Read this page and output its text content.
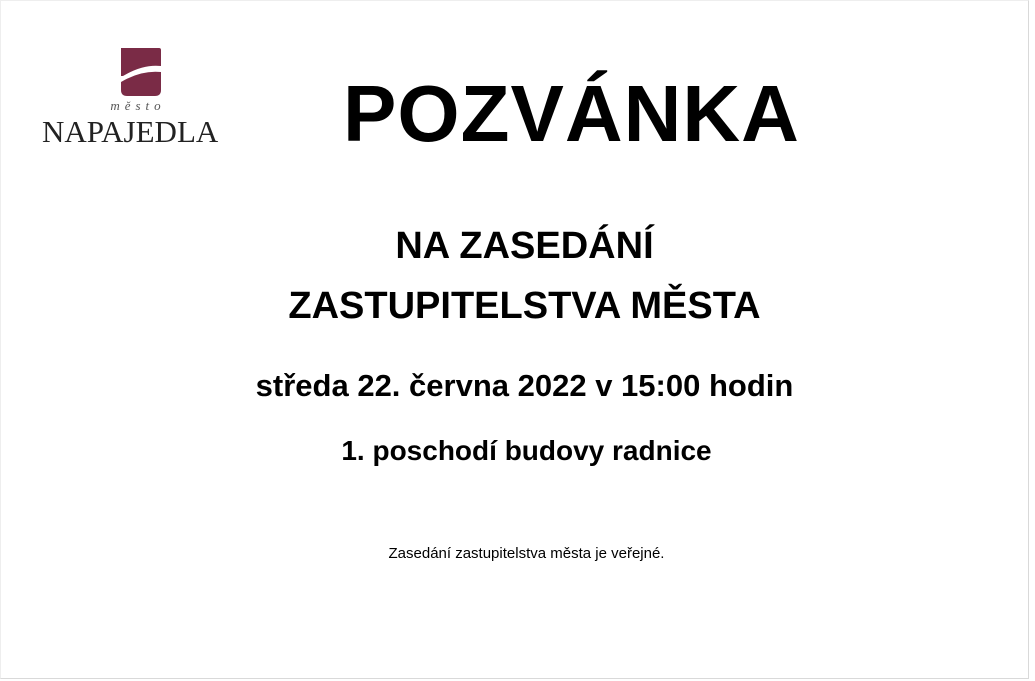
město
NAPAJEDLA POZVÁNKA
NA ZASEDÁNÍ
ZASTUPITELSTVA MĚSTA
středa 22. června 2022 v 15:00 hodin
1. poschodí budovy radnice
Zasedání zastupitelstva města je veřejné.
